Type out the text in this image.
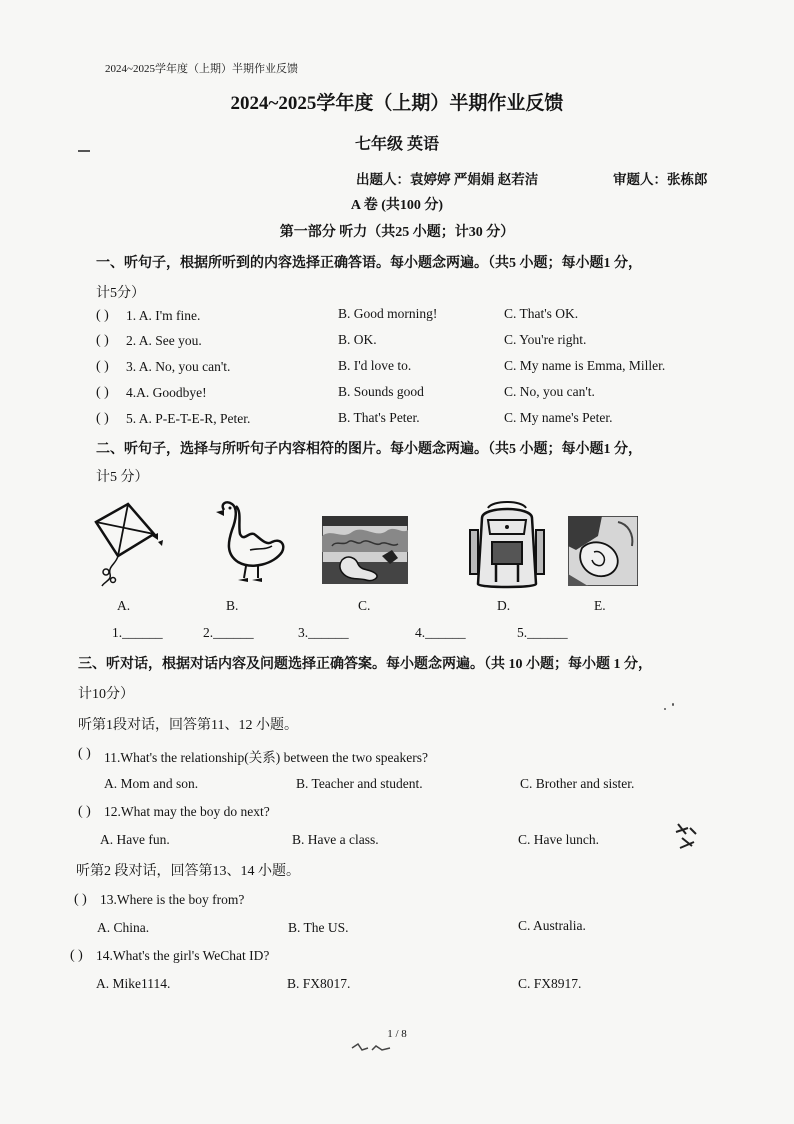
2024~2025学年度（上期）半期作业反馈
2024~2025学年度（上期）半期作业反馈
七年级 英语
出题人：袁婷婷 严娟娟 赵若洁	审题人：张栋郎
A 卷 (共100 分)
第一部分 听力（共25 小题；计30 分）
一、听句子，根据所听到的内容选择正确答语。每小题念两遍。（共5 小题；每小题1 分，
计5分）
( ) 1. A. I'm fine.	B. Good morning!	C. That's OK.
( ) 2. A. See you.	B. OK.	C. You're right.
( ) 3. A. No, you can't.	B. I'd love to.	C. My name is Emma, Miller.
( ) 4.A. Goodbye!	B. Sounds good	C. No, you can't.
( ) 5. A. P-E-T-E-R, Peter.	B. That's Peter.	C. My name's Peter.
二、听句子，选择与所听句子内容相符的图片。每小题念两遍。（共5 小题；每小题1 分，
计5 分）
A.	B.	C.	D.	E.
1.______	2.______	3.______	4.______	5.______
三、听对话，根据对话内容及问题选择正确答案。每小题念两遍。（共 10 小题；每小题 1 分，
计10分）
听第1段对话，回答第11、12 小题。
( ) 11.What's the relationship(关系) between the two speakers?
A. Mom and son.	B. Teacher and student.	C. Brother and sister.
( ) 12.What may the boy do next?
A. Have fun.	B. Have a class.	C. Have lunch.
听第2 段对话，回答第13、14 小题。
( ) 13.Where is the boy from?
A. China.	B. The US.	C. Australia.
( ) 14.What's the girl's WeChat ID?
A. Mike1114.	B. FX8017.	C. FX8917.
1 / 8
